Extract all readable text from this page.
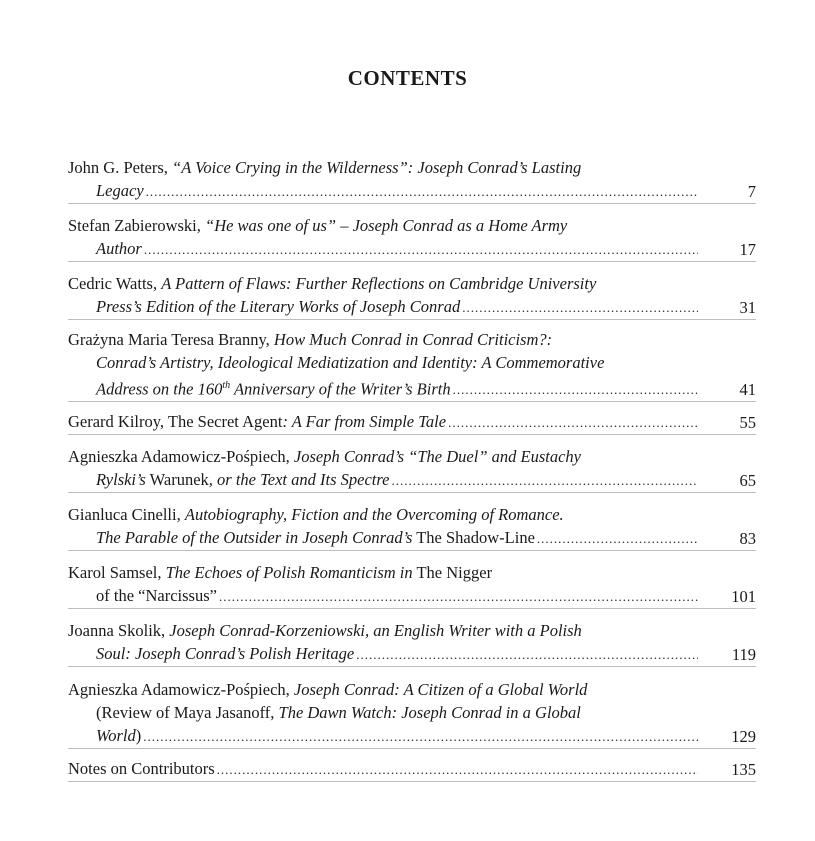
CONTENTS
John G. Peters, “A Voice Crying in the Wilderness”: Joseph Conrad’s Lasting
Legacy .....	7
Stefan Zabierowski, “He was one of us” – Joseph Conrad as a Home Army
Author .....	17
Cedric Watts, A Pattern of Flaws: Further Reflections on Cambridge University
Press’s Edition of the Literary Works of Joseph Conrad .....	31
Grażyna Maria Teresa Branny, How Much Conrad in Conrad Criticism?:
Conrad’s Artistry, Ideological Mediatization and Identity: A Commemorative
Address on the 160th Anniversary of the Writer’s Birth .....	41
Gerard Kilroy, The Secret Agent: A Far from Simple Tale .....	55
Agnieszka Adamowicz-Pośpiech, Joseph Conrad’s “The Duel” and Eustachy
Rylski’s Warunek, or the Text and Its Spectre .....	65
Gianluca Cinelli, Autobiography, Fiction and the Overcoming of Romance.
The Parable of the Outsider in Joseph Conrad’s The Shadow-Line .....	83
Karol Samsel, The Echoes of Polish Romanticism in The Nigger
of the “Narcissus” .....	101
Joanna Skolik, Joseph Conrad-Korzeniowski, an English Writer with a Polish
Soul: Joseph Conrad’s Polish Heritage .....	119
Agnieszka Adamowicz-Pośpiech, Joseph Conrad: A Citizen of a Global World
(Review of Maya Jasanoff, The Dawn Watch: Joseph Conrad in a Global
World) .....	129
Notes on Contributors .....	135
